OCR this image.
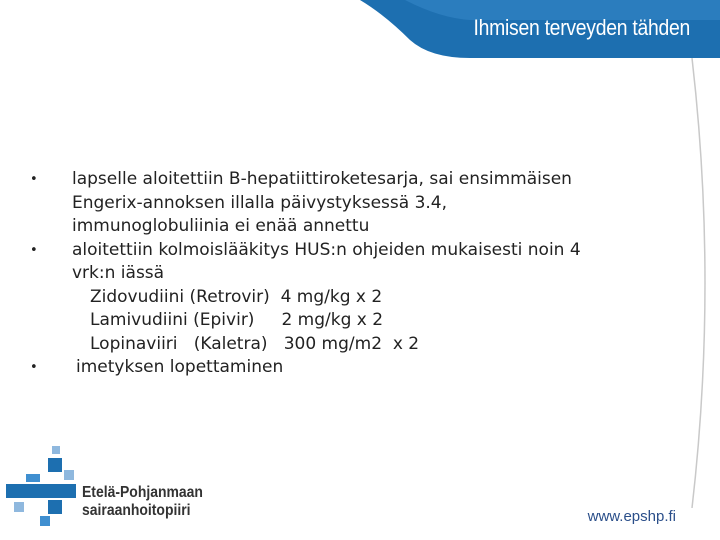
Ihmisen terveyden tähden
•	lapselle aloitettiin B-hepatiittiroketesarja, sai ensimmäisen
Engerix-annoksen illalla päivystyksessä 3.4,
immunoglobuliinia ei enää annettu
•	aloitettiin kolmoislääkitys HUS:n ohjeiden mukaisesti noin 4
vrk:n iässä
Zidovudiini (Retrovir)  4 mg/kg x 2
Lamivudiini (Epivir)     2 mg/kg x 2
Lopinaviiri   (Kaletra)   300 mg/m2  x 2
•	imetyksen lopettaminen
Etelä-Pohjanmaan
sairaanhoitopiiri	www.epshp.fi
